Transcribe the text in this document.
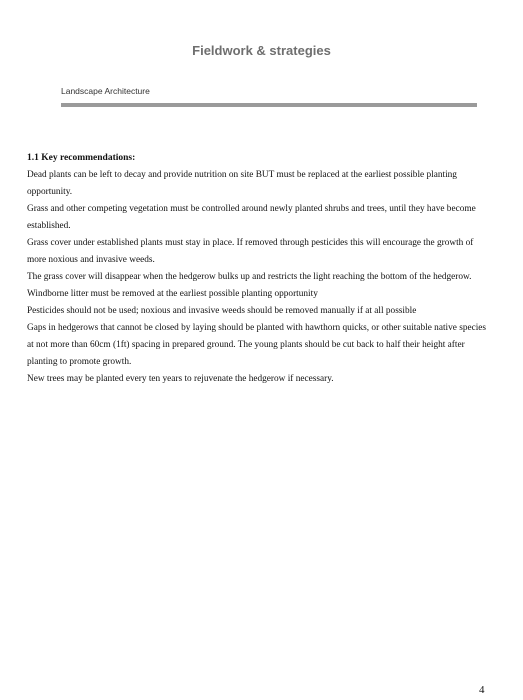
Fieldwork & strategies
Landscape Architecture

1.1 Key recommendations:

Dead plants can be left to decay and provide nutrition on site BUT must be replaced at the earliest possible planting opportunity.

Grass and other competing vegetation must be controlled around newly planted shrubs and trees, until they have become established.

Grass cover under established plants must stay in place. If removed through pesticides this will encourage the growth of more noxious and invasive weeds.

The grass cover will disappear when the hedgerow bulks up and restricts the light reaching the bottom of the hedgerow.

Windborne litter must be removed at the earliest possible planting opportunity

Pesticides should not be used; noxious and invasive weeds should be removed manually if at all possible

Gaps in hedgerows that cannot be closed by laying should be planted with hawthorn quicks, or other suitable native species at not more than 60cm (1ft) spacing in prepared ground. The young plants should be cut back to half their height after planting to promote growth.

New trees may be planted every ten years to rejuvenate the hedgerow if necessary.

4
